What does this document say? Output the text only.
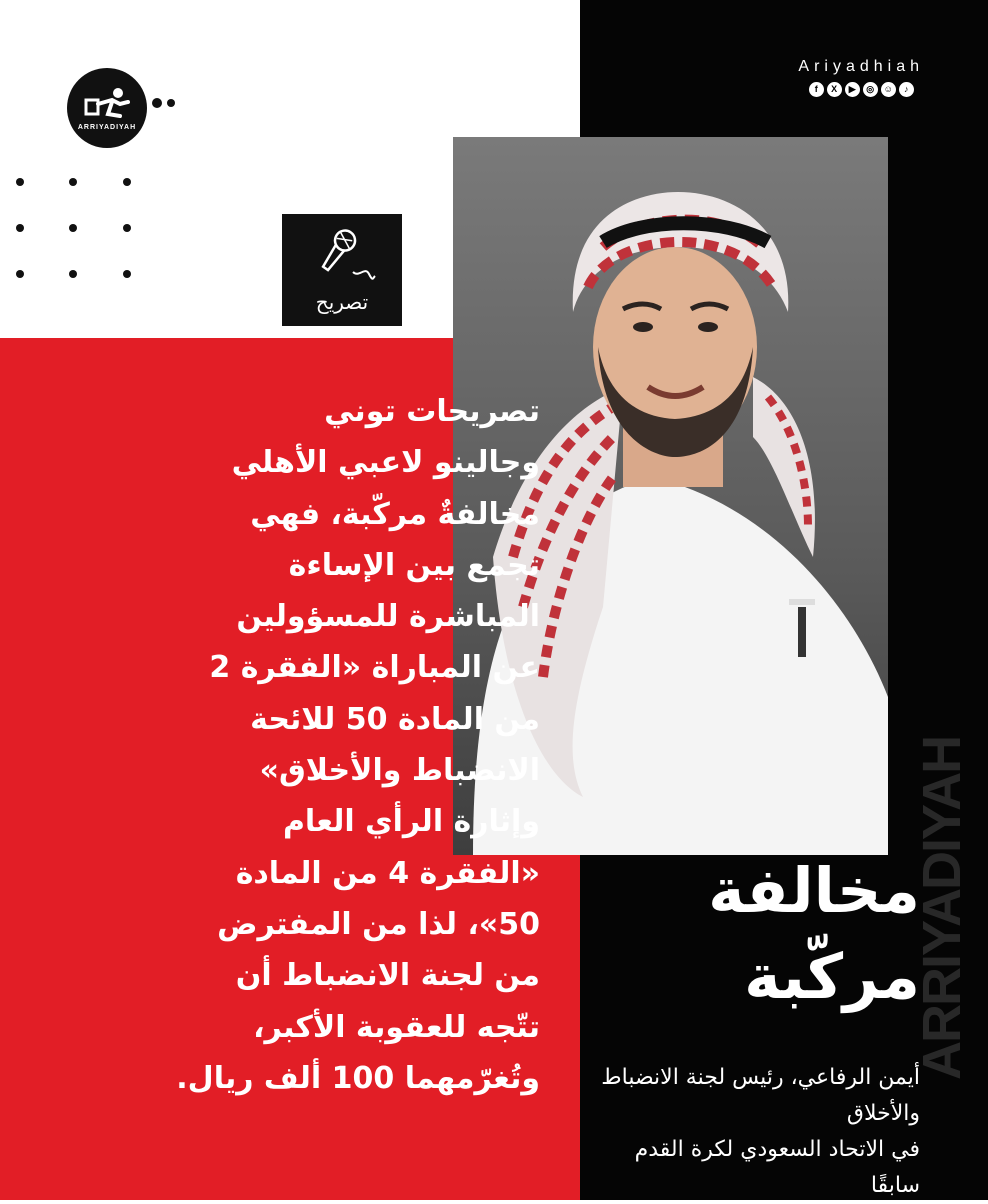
ARRIYADIYAH
تصريح
Ariyadhiah
f	X	▶	◎	☺	♪
ARRIYADIYAH
تصريحات توني
وجالينو لاعبي الأهلي
مخالفةٌ مركّبة، فهي
تجمع بين الإساءة
المباشرة للمسؤولين
عن المباراة «الفقرة 2
من المادة 50 للائحة
الانضباط والأخلاق»
وإثارة الرأي العام
«الفقرة 4 من المادة
50»، لذا من المفترض
من لجنة الانضباط أن
تتّجه للعقوبة الأكبر،
وتُغرّمهما 100 ألف ريال.
مخالفة
مركّبة
أيمن الرفاعي، رئيس لجنة الانضباط والأخلاق
في الاتحاد السعودي لكرة القدم سابقًا
